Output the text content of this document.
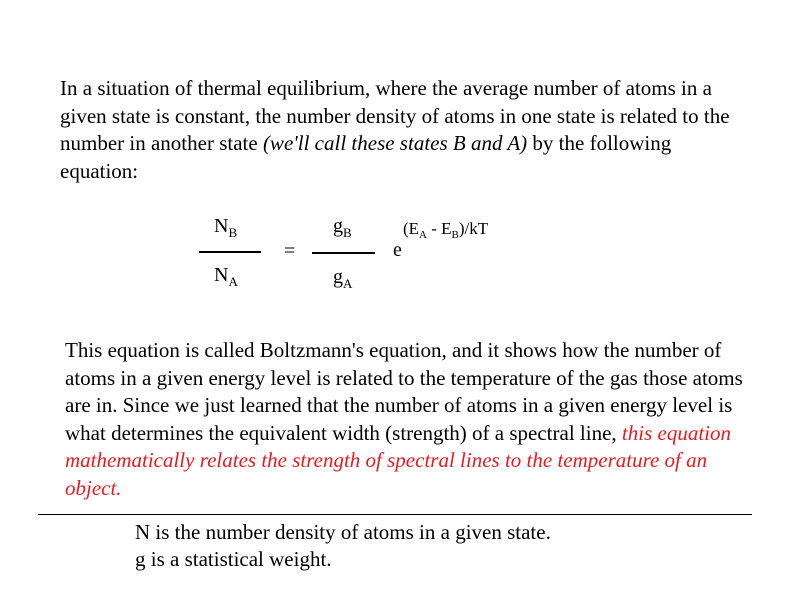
In a situation of thermal equilibrium, where the average number of atoms in a given state is constant, the number density of atoms in one state is related to the number in another state (we'll call these states B and A) by the following equation:

$N_B$
$N_A$
=
$g_B$
$g_A$
e
$(E_A - E_B)/kT$

This equation is called Boltzmann's equation, and it shows how the number of atoms in a given energy level is related to the temperature of the gas those atoms are in. Since we just learned that the number of atoms in a given energy level is what determines the equivalent width (strength) of a spectral line, this equation mathematically relates the strength of spectral lines to the temperature of an object.

N is the number density of atoms in a given state.
g is a statistical weight.
